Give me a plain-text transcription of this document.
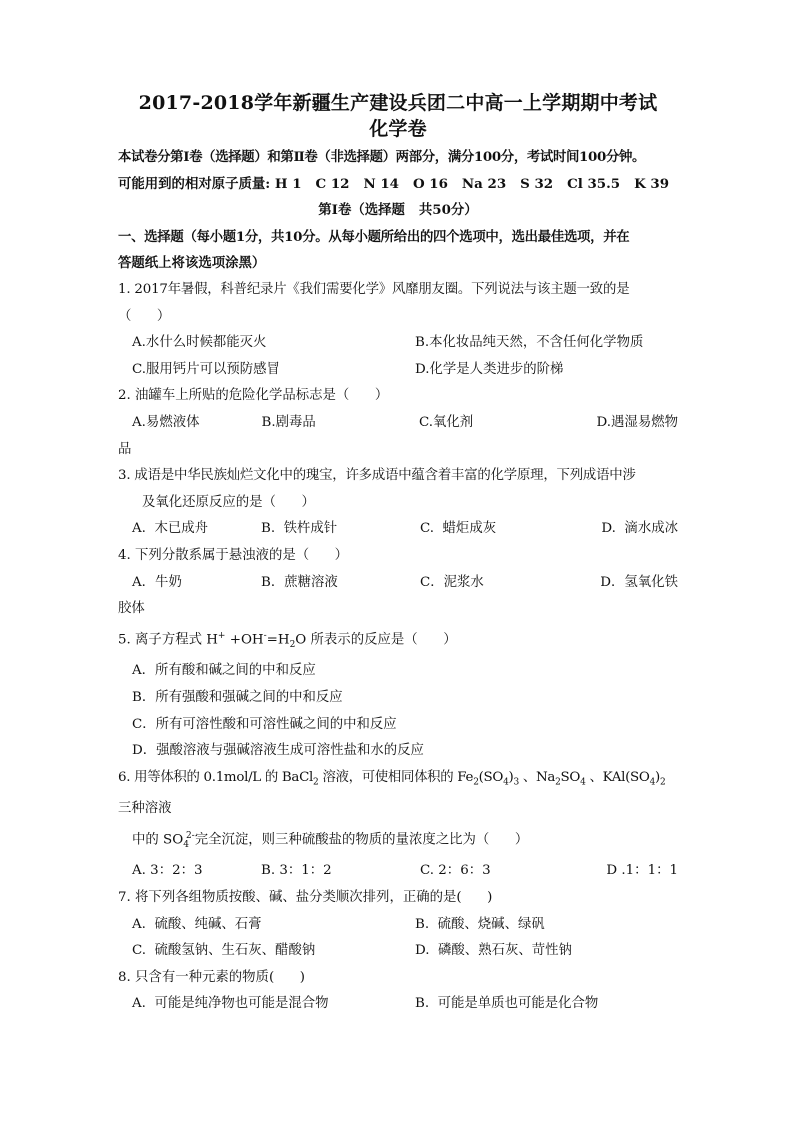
2017-2018学年新疆生产建设兵团二中高一上学期期中考试
化学卷
本试卷分第Ⅰ卷（选择题）和第Ⅱ卷（非选择题）两部分，满分100分，考试时间100分钟。
可能用到的相对原子质量: H 1   C 12   N 14   O 16   Na 23   S 32   Cl 35.5   K 39
第Ⅰ卷（选择题   共50分）
一、选择题（每小题1分，共10分。从每小题所给出的四个选项中，选出最佳选项，并在
答题纸上将该选项涂黑）
1. 2017年暑假，科普纪录片《我们需要化学》风靡朋友圈。下列说法与该主题一致的是
（      ）
A.水什么时候都能灭火	B.本化妆品纯天然，不含任何化学物质
C.服用钙片可以预防感冒	D.化学是人类进步的阶梯
2. 油罐车上所贴的危险化学品标志是（      ）
A.易燃液体	B.剧毒品	C.氧化剂	D.遇湿易燃物
品
3. 成语是中华民族灿烂文化中的瑰宝，许多成语中蕴含着丰富的化学原理，下列成语中涉
及氧化还原反应的是（      ）
A.  木已成舟	B.  铁杵成针	C.  蜡炬成灰	D.  滴水成冰
4. 下列分散系属于悬浊液的是（      ）
A．牛奶	B．蔗糖溶液	C．泥浆水	D．氢氧化铁
胶体
5. 离子方程式 $H^+ +OH^-=H_2O$ 所表示的反应是（      ）
A．所有酸和碱之间的中和反应
B．所有强酸和强碱之间的中和反应
C．所有可溶性酸和可溶性碱之间的中和反应
D．强酸溶液与强碱溶液生成可溶性盐和水的反应
6. 用等体积的 0.1mol/L 的 BaCl$_2$ 溶液，可使相同体积的 $Fe_2(SO_4)_3$ 、$Na_2SO_4$ 、$KAl(SO_4)_2$
三种溶液
中的 $SO_4^{2-}$完全沉淀，则三种硫酸盐的物质的量浓度之比为（      ）
A. 3：2：3	B. 3：1：2	C. 2：6：3	D .1：1：1
7. 将下列各组物质按酸、碱、盐分类顺次排列，正确的是(      )
A.  硫酸、纯碱、石膏	B.  硫酸、烧碱、绿矾
C.  硫酸氢钠、生石灰、醋酸钠	D.  磷酸、熟石灰、苛性钠
8. 只含有一种元素的物质(      )
A.  可能是纯净物也可能是混合物	B.  可能是单质也可能是化合物
